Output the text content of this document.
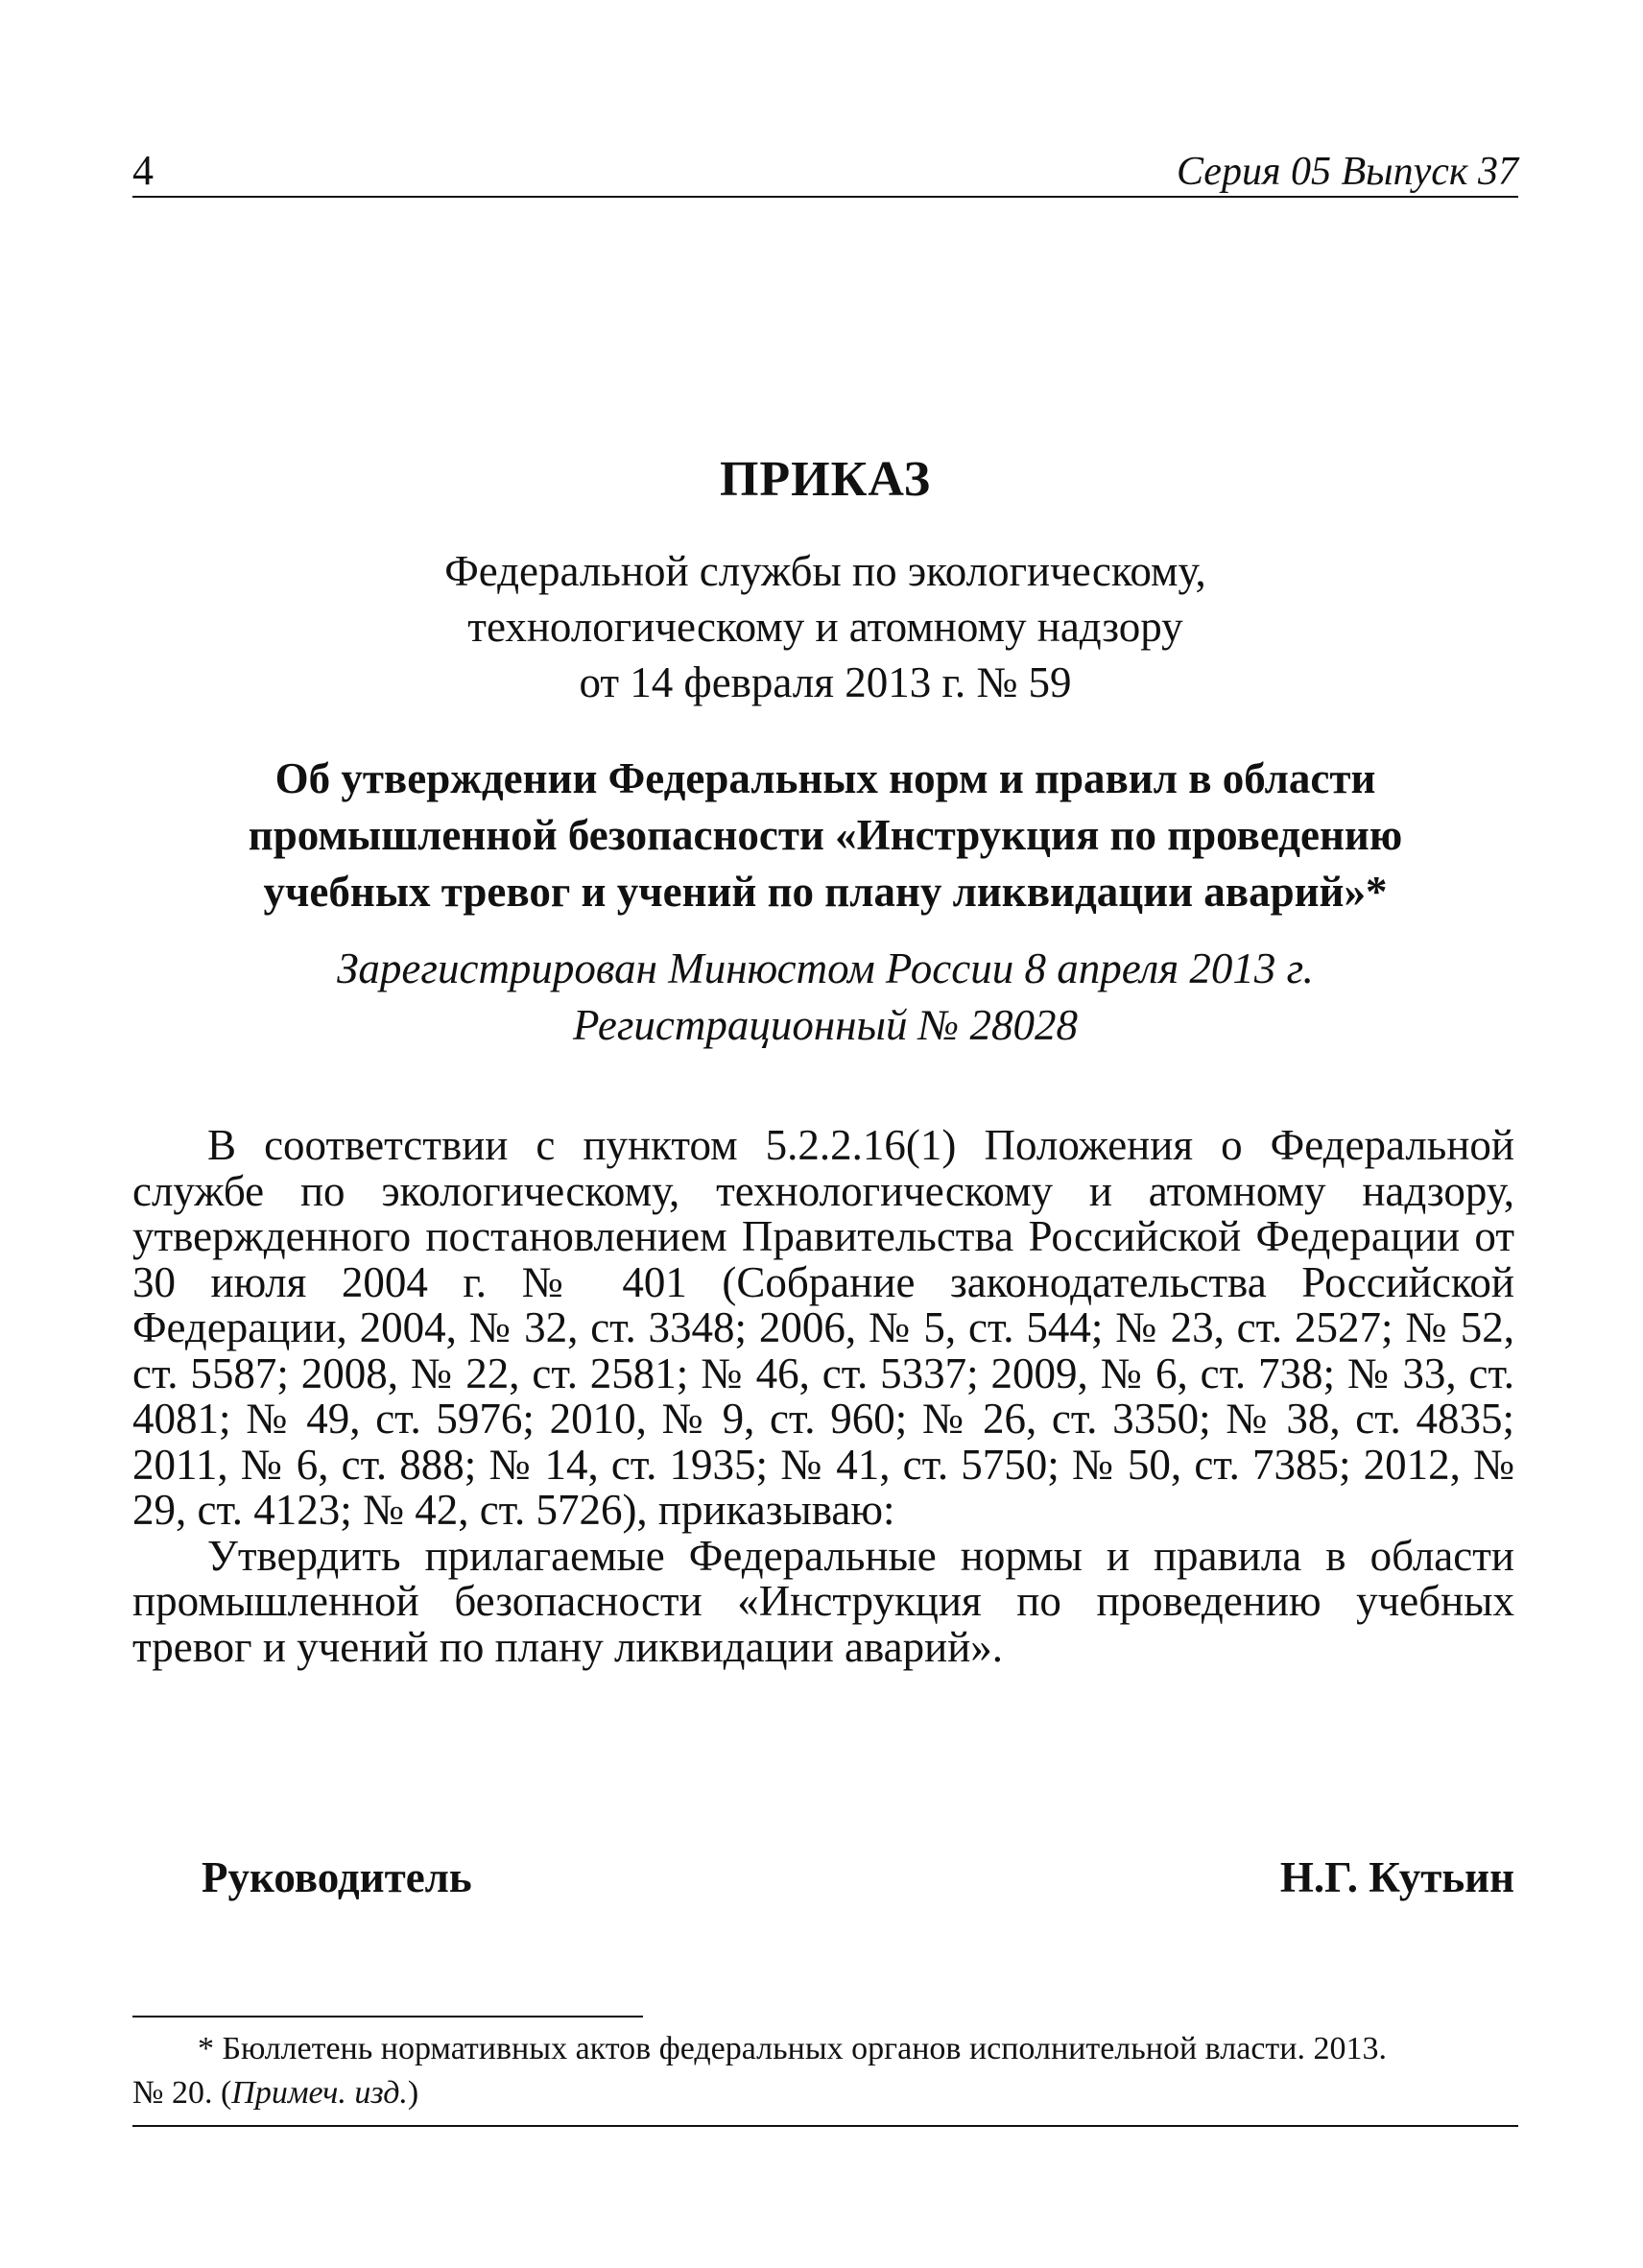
4	Серия 05 Выпуск 37
ПРИКАЗ
Федеральной службы по экологическому,
технологическому и атомному надзору
от 14 февраля 2013 г. № 59
Об утверждении Федеральных норм и правил в области
промышленной безопасности «Инструкция по проведению
учебных тревог и учений по плану ликвидации аварий»*
Зарегистрирован Минюстом России 8 апреля 2013 г.
Регистрационный № 28028

В соответствии с пунктом 5.2.2.16(1) Положения о Федеральной службе по экологическому, технологическому и атомному надзору, утвержденного постановлением Правительства Российской Федерации от 30 июля 2004 г. № 401 (Собрание законодательства Российской Федерации, 2004, № 32, ст. 3348; 2006, № 5, ст. 544; № 23, ст. 2527; № 52, ст. 5587; 2008, № 22, ст. 2581; № 46, ст. 5337; 2009, № 6, ст. 738; № 33, ст. 4081; № 49, ст. 5976; 2010, № 9, ст. 960; № 26, ст. 3350; № 38, ст. 4835; 2011, № 6, ст. 888; № 14, ст. 1935; № 41, ст. 5750; № 50, ст. 7385; 2012, № 29, ст. 4123; № 42, ст. 5726), приказываю:

Утвердить прилагаемые Федеральные нормы и правила в области промышленной безопасности «Инструкция по проведению учебных тревог и учений по плану ликвидации аварий».

Руководитель	Н.Г. Кутьин
* Бюллетень нормативных актов федеральных органов исполнительной власти. 2013.
№ 20. (Примеч. изд.)
